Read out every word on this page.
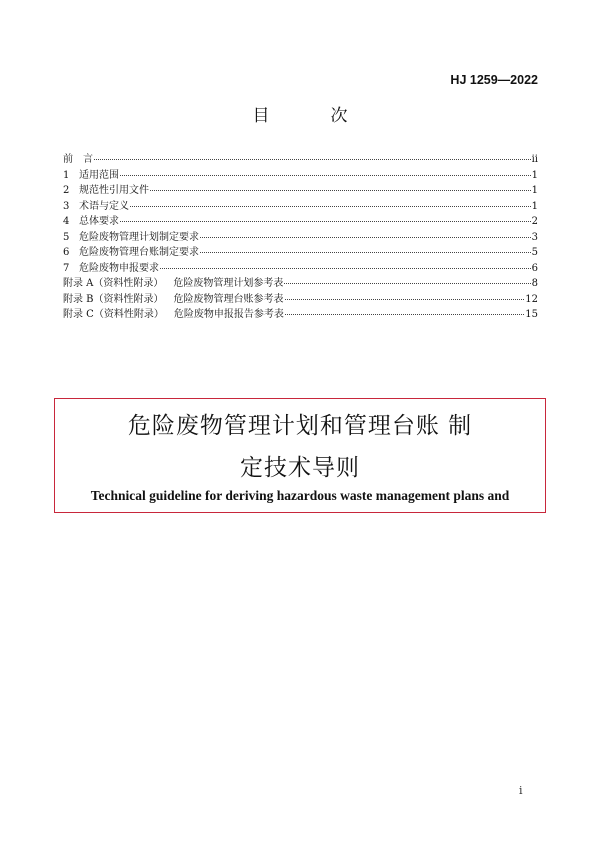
HJ 1259—2022
目　次
前　言	ii
1 适用范围	1
2 规范性引用文件	1
3 术语与定义	1
4 总体要求	2
5 危险废物管理计划制定要求	3
6 危险废物管理台账制定要求	5
7 危险废物申报要求	6
附录 A（资料性附录） 危险废物管理计划参考表	8
附录 B（资料性附录） 危险废物管理台账参考表	12
附录 C（资料性附录） 危险废物申报报告参考表	15
危险废物管理计划和管理台账 制
定技术导则
Technical guideline for deriving hazardous waste management plans and
i
